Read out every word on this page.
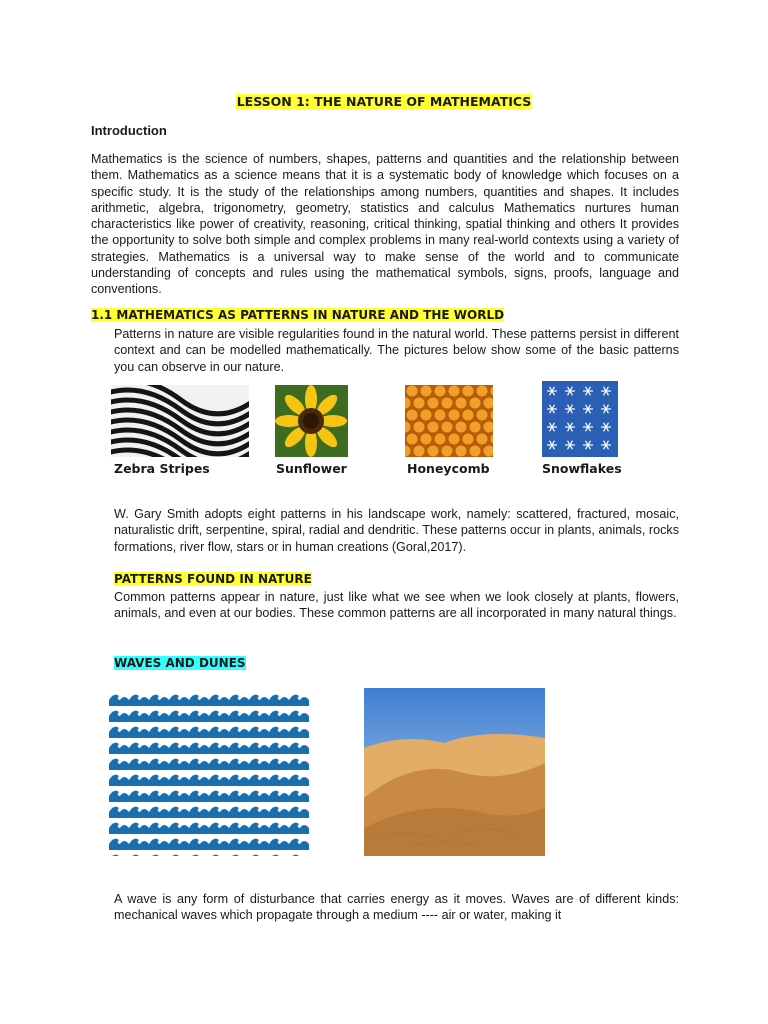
LESSON 1: THE NATURE OF MATHEMATICS
Introduction
Mathematics is the science of numbers, shapes, patterns and quantities and the relationship between them. Mathematics as a science means that it is a systematic body of knowledge which focuses on a specific study. It is the study of the relationships among numbers, quantities and shapes. It includes arithmetic, algebra, trigonometry, geometry, statistics and calculus Mathematics nurtures human characteristics like power of creativity, reasoning, critical thinking, spatial thinking and others It provides the opportunity to solve both simple and complex problems in many real-world contexts using a variety of strategies. Mathematics is a universal way to make sense of the world and to communicate understanding of concepts and rules using the mathematical symbols, signs, proofs, language and conventions.
1.1 MATHEMATICS AS PATTERNS IN NATURE AND THE WORLD
Patterns in nature are visible regularities found in the natural world. These patterns persist in different context and can be modelled mathematically. The pictures below show some of the basic patterns you can observe in our nature.
Zebra Stripes	Sunflower	Honeycomb	Snowflakes
W. Gary Smith adopts eight patterns in his landscape work, namely: scattered, fractured, mosaic, naturalistic drift, serpentine, spiral, radial and dendritic. These patterns occur in plants, animals, rocks formations, river flow, stars or in human creations (Goral,2017).
PATTERNS FOUND IN NATURE
Common patterns appear in nature, just like what we see when we look closely at plants, flowers, animals, and even at our bodies. These common patterns are all incorporated in many natural things.
WAVES AND DUNES
A wave is any form of disturbance that carries energy as it moves. Waves are of different kinds: mechanical waves which propagate through a medium ---- air or water, making it
